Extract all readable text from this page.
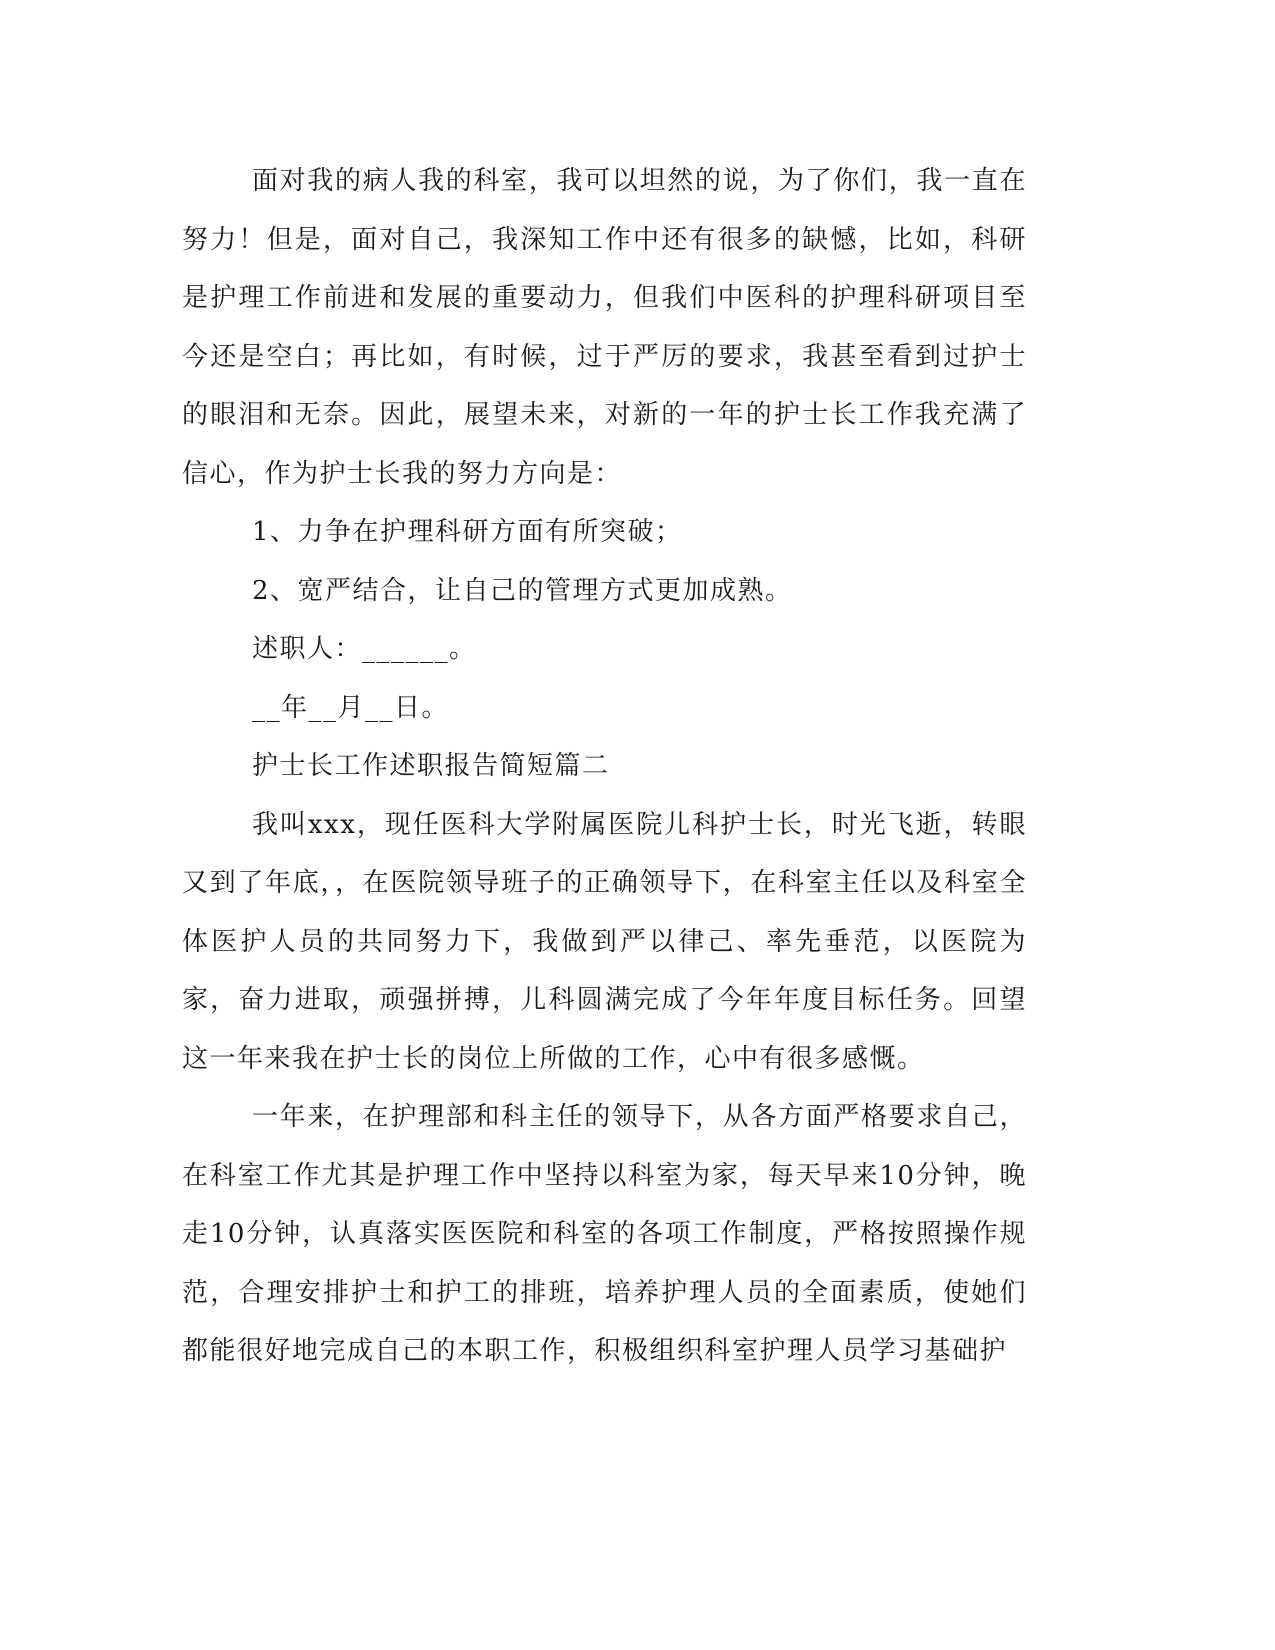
面对我的病人我的科室，我可以坦然的说，为了你们，我一直在努力！但是，面对自己，我深知工作中还有很多的缺憾，比如，科研是护理工作前进和发展的重要动力，但我们中医科的护理科研项目至今还是空白；再比如，有时候，过于严厉的要求，我甚至看到过护士的眼泪和无奈。因此，展望未来，对新的一年的护士长工作我充满了信心，作为护士长我的努力方向是：

1、力争在护理科研方面有所突破；

2、宽严结合，让自己的管理方式更加成熟。

述职人：______。

__年__月__日。

护士长工作述职报告简短篇二

我叫xxx，现任医科大学附属医院儿科护士长，时光飞逝，转眼又到了年底，，在医院领导班子的正确领导下，在科室主任以及科室全体医护人员的共同努力下，我做到严以律己、率先垂范，以医院为家，奋力进取，顽强拼搏，儿科圆满完成了今年年度目标任务。回望这一年来我在护士长的岗位上所做的工作，心中有很多感慨。

一年来，在护理部和科主任的领导下，从各方面严格要求自己，在科室工作尤其是护理工作中坚持以科室为家，每天早来10分钟，晚走10分钟，认真落实医医院和科室的各项工作制度，严格按照操作规范，合理安排护士和护工的排班，培养护理人员的全面素质，使她们都能很好地完成自己的本职工作，积极组织科室护理人员学习基础护
